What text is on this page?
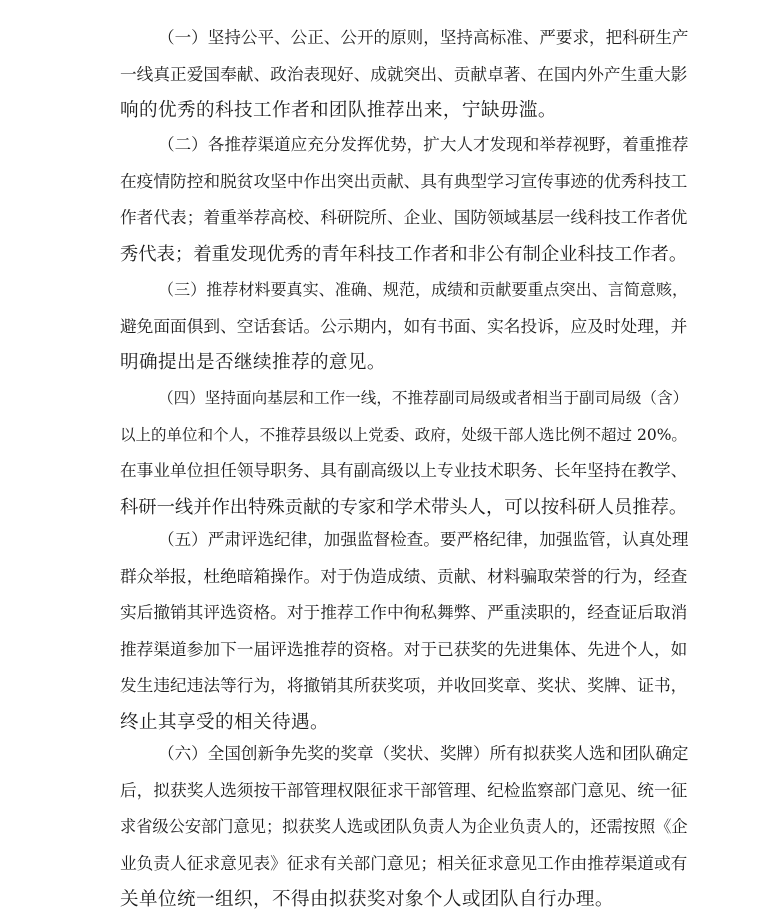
（一）坚持公平、公正、公开的原则，坚持高标准、严要求，把科研生产
一线真正爱国奉献、政治表现好、成就突出、贡献卓著、在国内外产生重大影
响的优秀的科技工作者和团队推荐出来，宁缺毋滥。

（二）各推荐渠道应充分发挥优势，扩大人才发现和举荐视野，着重推荐
在疫情防控和脱贫攻坚中作出突出贡献、具有典型学习宣传事迹的优秀科技工
作者代表；着重举荐高校、科研院所、企业、国防领域基层一线科技工作者优
秀代表；着重发现优秀的青年科技工作者和非公有制企业科技工作者。

（三）推荐材料要真实、准确、规范，成绩和贡献要重点突出、言简意赅，
避免面面俱到、空话套话。公示期内，如有书面、实名投诉，应及时处理，并
明确提出是否继续推荐的意见。

（四）坚持面向基层和工作一线，不推荐副司局级或者相当于副司局级（含）
以上的单位和个人，不推荐县级以上党委、政府，处级干部人选比例不超过 20%。
在事业单位担任领导职务、具有副高级以上专业技术职务、长年坚持在教学、
科研一线并作出特殊贡献的专家和学术带头人，可以按科研人员推荐。

（五）严肃评选纪律，加强监督检查。要严格纪律，加强监管，认真处理
群众举报，杜绝暗箱操作。对于伪造成绩、贡献、材料骗取荣誉的行为，经查
实后撤销其评选资格。对于推荐工作中徇私舞弊、严重渎职的，经查证后取消
推荐渠道参加下一届评选推荐的资格。对于已获奖的先进集体、先进个人，如
发生违纪违法等行为，将撤销其所获奖项，并收回奖章、奖状、奖牌、证书，
终止其享受的相关待遇。

（六）全国创新争先奖的奖章（奖状、奖牌）所有拟获奖人选和团队确定
后，拟获奖人选须按干部管理权限征求干部管理、纪检监察部门意见、统一征
求省级公安部门意见；拟获奖人选或团队负责人为企业负责人的，还需按照《企
业负责人征求意见表》征求有关部门意见；相关征求意见工作由推荐渠道或有
关单位统一组织，不得由拟获奖对象个人或团队自行办理。
